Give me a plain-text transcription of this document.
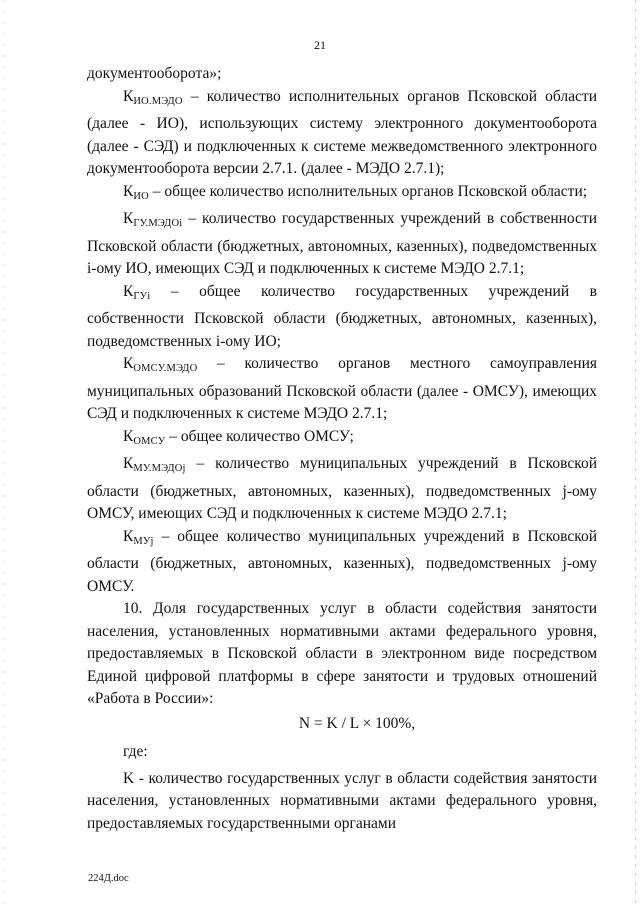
21

документооборота»;

$К_{ИО.МЭДО}$ – количество исполнительных органов Псковской области (далее - ИО), использующих систему электронного документооборота (далее - СЭД) и подключенных к системе межведомственного электронного документооборота версии 2.7.1. (далее - МЭДО 2.7.1);

$К_{ИО}$ – общее количество исполнительных органов Псковской области;

$К_{ГУ.МЭДОi}$ – количество государственных учреждений в собственности Псковской области (бюджетных, автономных, казенных), подведомственных i-ому ИО, имеющих СЭД и подключенных к системе МЭДО 2.7.1;

$К_{ГУi}$ – общее количество государственных учреждений в собственности Псковской области (бюджетных, автономных, казенных), подведомственных i-ому ИО;

$К_{ОМСУ.МЭДО}$ – количество органов местного самоуправления муниципальных образований Псковской области (далее - ОМСУ), имеющих СЭД и подключенных к системе МЭДО 2.7.1;

$К_{ОМСУ}$ – общее количество ОМСУ;

$К_{МУ.МЭДОj}$ – количество муниципальных учреждений в Псковской области (бюджетных, автономных, казенных), подведомственных j-ому ОМСУ, имеющих СЭД и подключенных к системе МЭДО 2.7.1;

$К_{МУj}$ – общее количество муниципальных учреждений в Псковской области (бюджетных, автономных, казенных), подведомственных j-ому ОМСУ.

10. Доля государственных услуг в области содействия занятости населения, установленных нормативными актами федерального уровня, предоставляемых в Псковской области в электронном виде посредством Единой цифровой платформы в сфере занятости и трудовых отношений «Работа в России»:

N = K / L × 100%,

где:

K - количество государственных услуг в области содействия занятости населения, установленных нормативными актами федерального уровня, предоставляемых государственными органами

224Д.doc
